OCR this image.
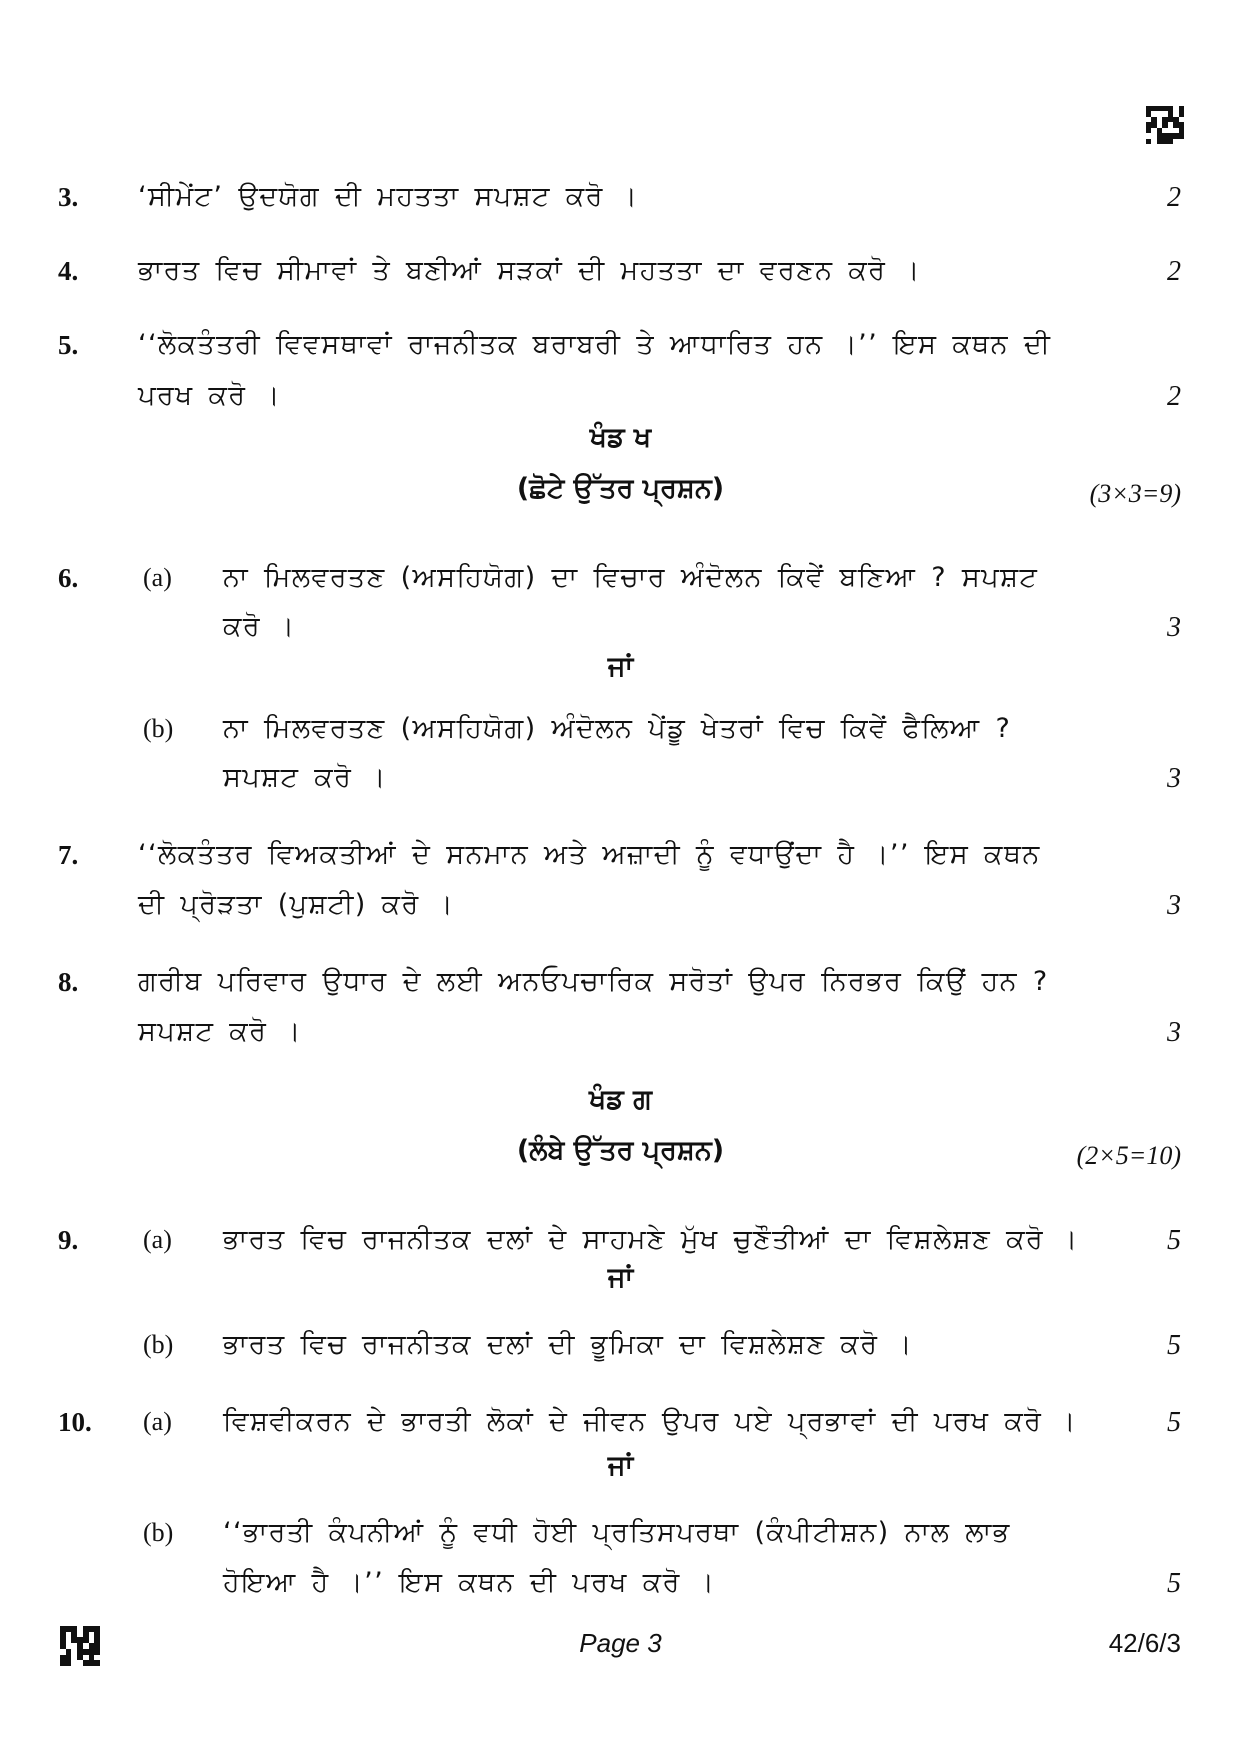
3. ‘ਸੀਮੇਂਟ’ ਉਦਯੋਗ ਦੀ ਮਹਤਤਾ ਸਪਸ਼ਟ ਕਰੋ ।	2
4. ਭਾਰਤ ਵਿਚ ਸੀਮਾਵਾਂ ਤੇ ਬਣੀਆਂ ਸੜਕਾਂ ਦੀ ਮਹਤਤਾ ਦਾ ਵਰਣਨ ਕਰੋ ।	2
5. ‘‘ਲੋਕਤੰਤਰੀ ਵਿਵਸਥਾਵਾਂ ਰਾਜਨੀਤਕ ਬਰਾਬਰੀ ਤੇ ਆਧਾਰਿਤ ਹਨ ।’’ ਇਸ ਕਥਨ ਦੀ
ਪਰਖ ਕਰੋ ।	2
ਖੰਡ ਖ
(ਛੋਟੇ ਉੱਤਰ ਪ੍ਰਸ਼ਨ)	(3×3=9)
6. (a) ਨਾ ਮਿਲਵਰਤਣ (ਅਸਹਿਯੋਗ) ਦਾ ਵਿਚਾਰ ਅੰਦੋਲਨ ਕਿਵੇਂ ਬਣਿਆ ? ਸਪਸ਼ਟ
ਕਰੋ ।	3
ਜਾਂ
(b) ਨਾ ਮਿਲਵਰਤਣ (ਅਸਹਿਯੋਗ) ਅੰਦੋਲਨ ਪੇਂਡੂ ਖੇਤਰਾਂ ਵਿਚ ਕਿਵੇਂ ਫੈਲਿਆ ?
ਸਪਸ਼ਟ ਕਰੋ ।	3
7. ‘‘ਲੋਕਤੰਤਰ ਵਿਅਕਤੀਆਂ ਦੇ ਸਨਮਾਨ ਅਤੇ ਅਜ਼ਾਦੀ ਨੂੰ ਵਧਾਉਂਦਾ ਹੈ ।’’ ਇਸ ਕਥਨ
ਦੀ ਪ੍ਰੋੜਤਾ (ਪੁਸ਼ਟੀ) ਕਰੋ ।	3
8. ਗਰੀਬ ਪਰਿਵਾਰ ਉਧਾਰ ਦੇ ਲਈ ਅਨਓਪਚਾਰਿਕ ਸਰੋਤਾਂ ਉਪਰ ਨਿਰਭਰ ਕਿਉਂ ਹਨ ?
ਸਪਸ਼ਟ ਕਰੋ ।	3
ਖੰਡ ਗ
(ਲੰਬੇ ਉੱਤਰ ਪ੍ਰਸ਼ਨ)	(2×5=10)
9. (a) ਭਾਰਤ ਵਿਚ ਰਾਜਨੀਤਕ ਦਲਾਂ ਦੇ ਸਾਹਮਣੇ ਮੁੱਖ ਚੁਣੌਤੀਆਂ ਦਾ ਵਿਸ਼ਲੇਸ਼ਣ ਕਰੋ ।	5
ਜਾਂ
(b) ਭਾਰਤ ਵਿਚ ਰਾਜਨੀਤਕ ਦਲਾਂ ਦੀ ਭੂਮਿਕਾ ਦਾ ਵਿਸ਼ਲੇਸ਼ਣ ਕਰੋ ।	5
10. (a) ਵਿਸ਼ਵੀਕਰਨ ਦੇ ਭਾਰਤੀ ਲੋਕਾਂ ਦੇ ਜੀਵਨ ਉਪਰ ਪਏ ਪ੍ਰਭਾਵਾਂ ਦੀ ਪਰਖ ਕਰੋ ।	5
ਜਾਂ
(b) ‘‘ਭਾਰਤੀ ਕੰਪਨੀਆਂ ਨੂੰ ਵਧੀ ਹੋਈ ਪ੍ਰਤਿਸਪਰਥਾ (ਕੰਪੀਟੀਸ਼ਨ) ਨਾਲ ਲਾਭ
ਹੋਇਆ ਹੈ ।’’ ਇਸ ਕਥਨ ਦੀ ਪਰਖ ਕਰੋ ।	5
Page 3	42/6/3
